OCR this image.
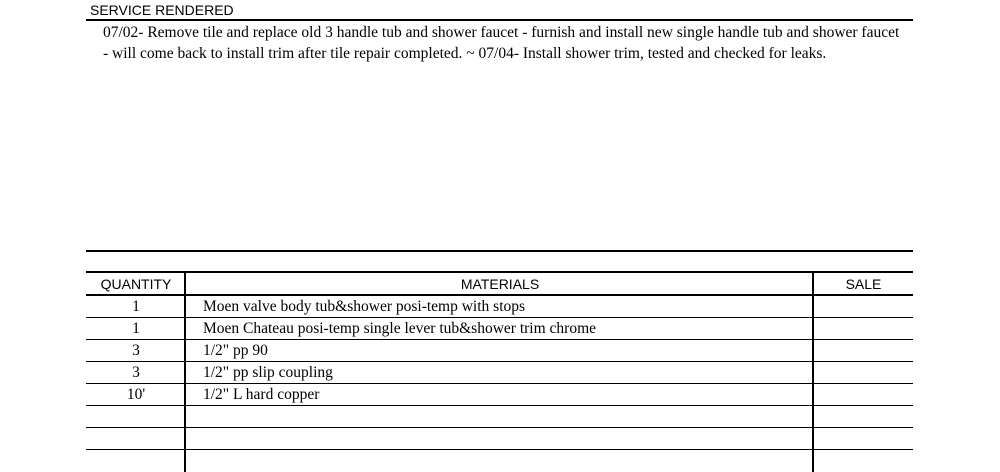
SERVICE RENDERED

07/02- Remove tile and replace old 3 handle tub and shower faucet - furnish and install new single handle tub and shower faucet - will come back to install trim after tile repair completed. ~ 07/04- Install shower trim, tested and checked for leaks.

QUANTITY	MATERIALS	SALE
1	Moen valve body tub&shower posi-temp with stops
1	Moen Chateau posi-temp single lever tub&shower trim chrome
3	1/2" pp 90
3	1/2" pp slip coupling
10'	1/2" L hard copper
